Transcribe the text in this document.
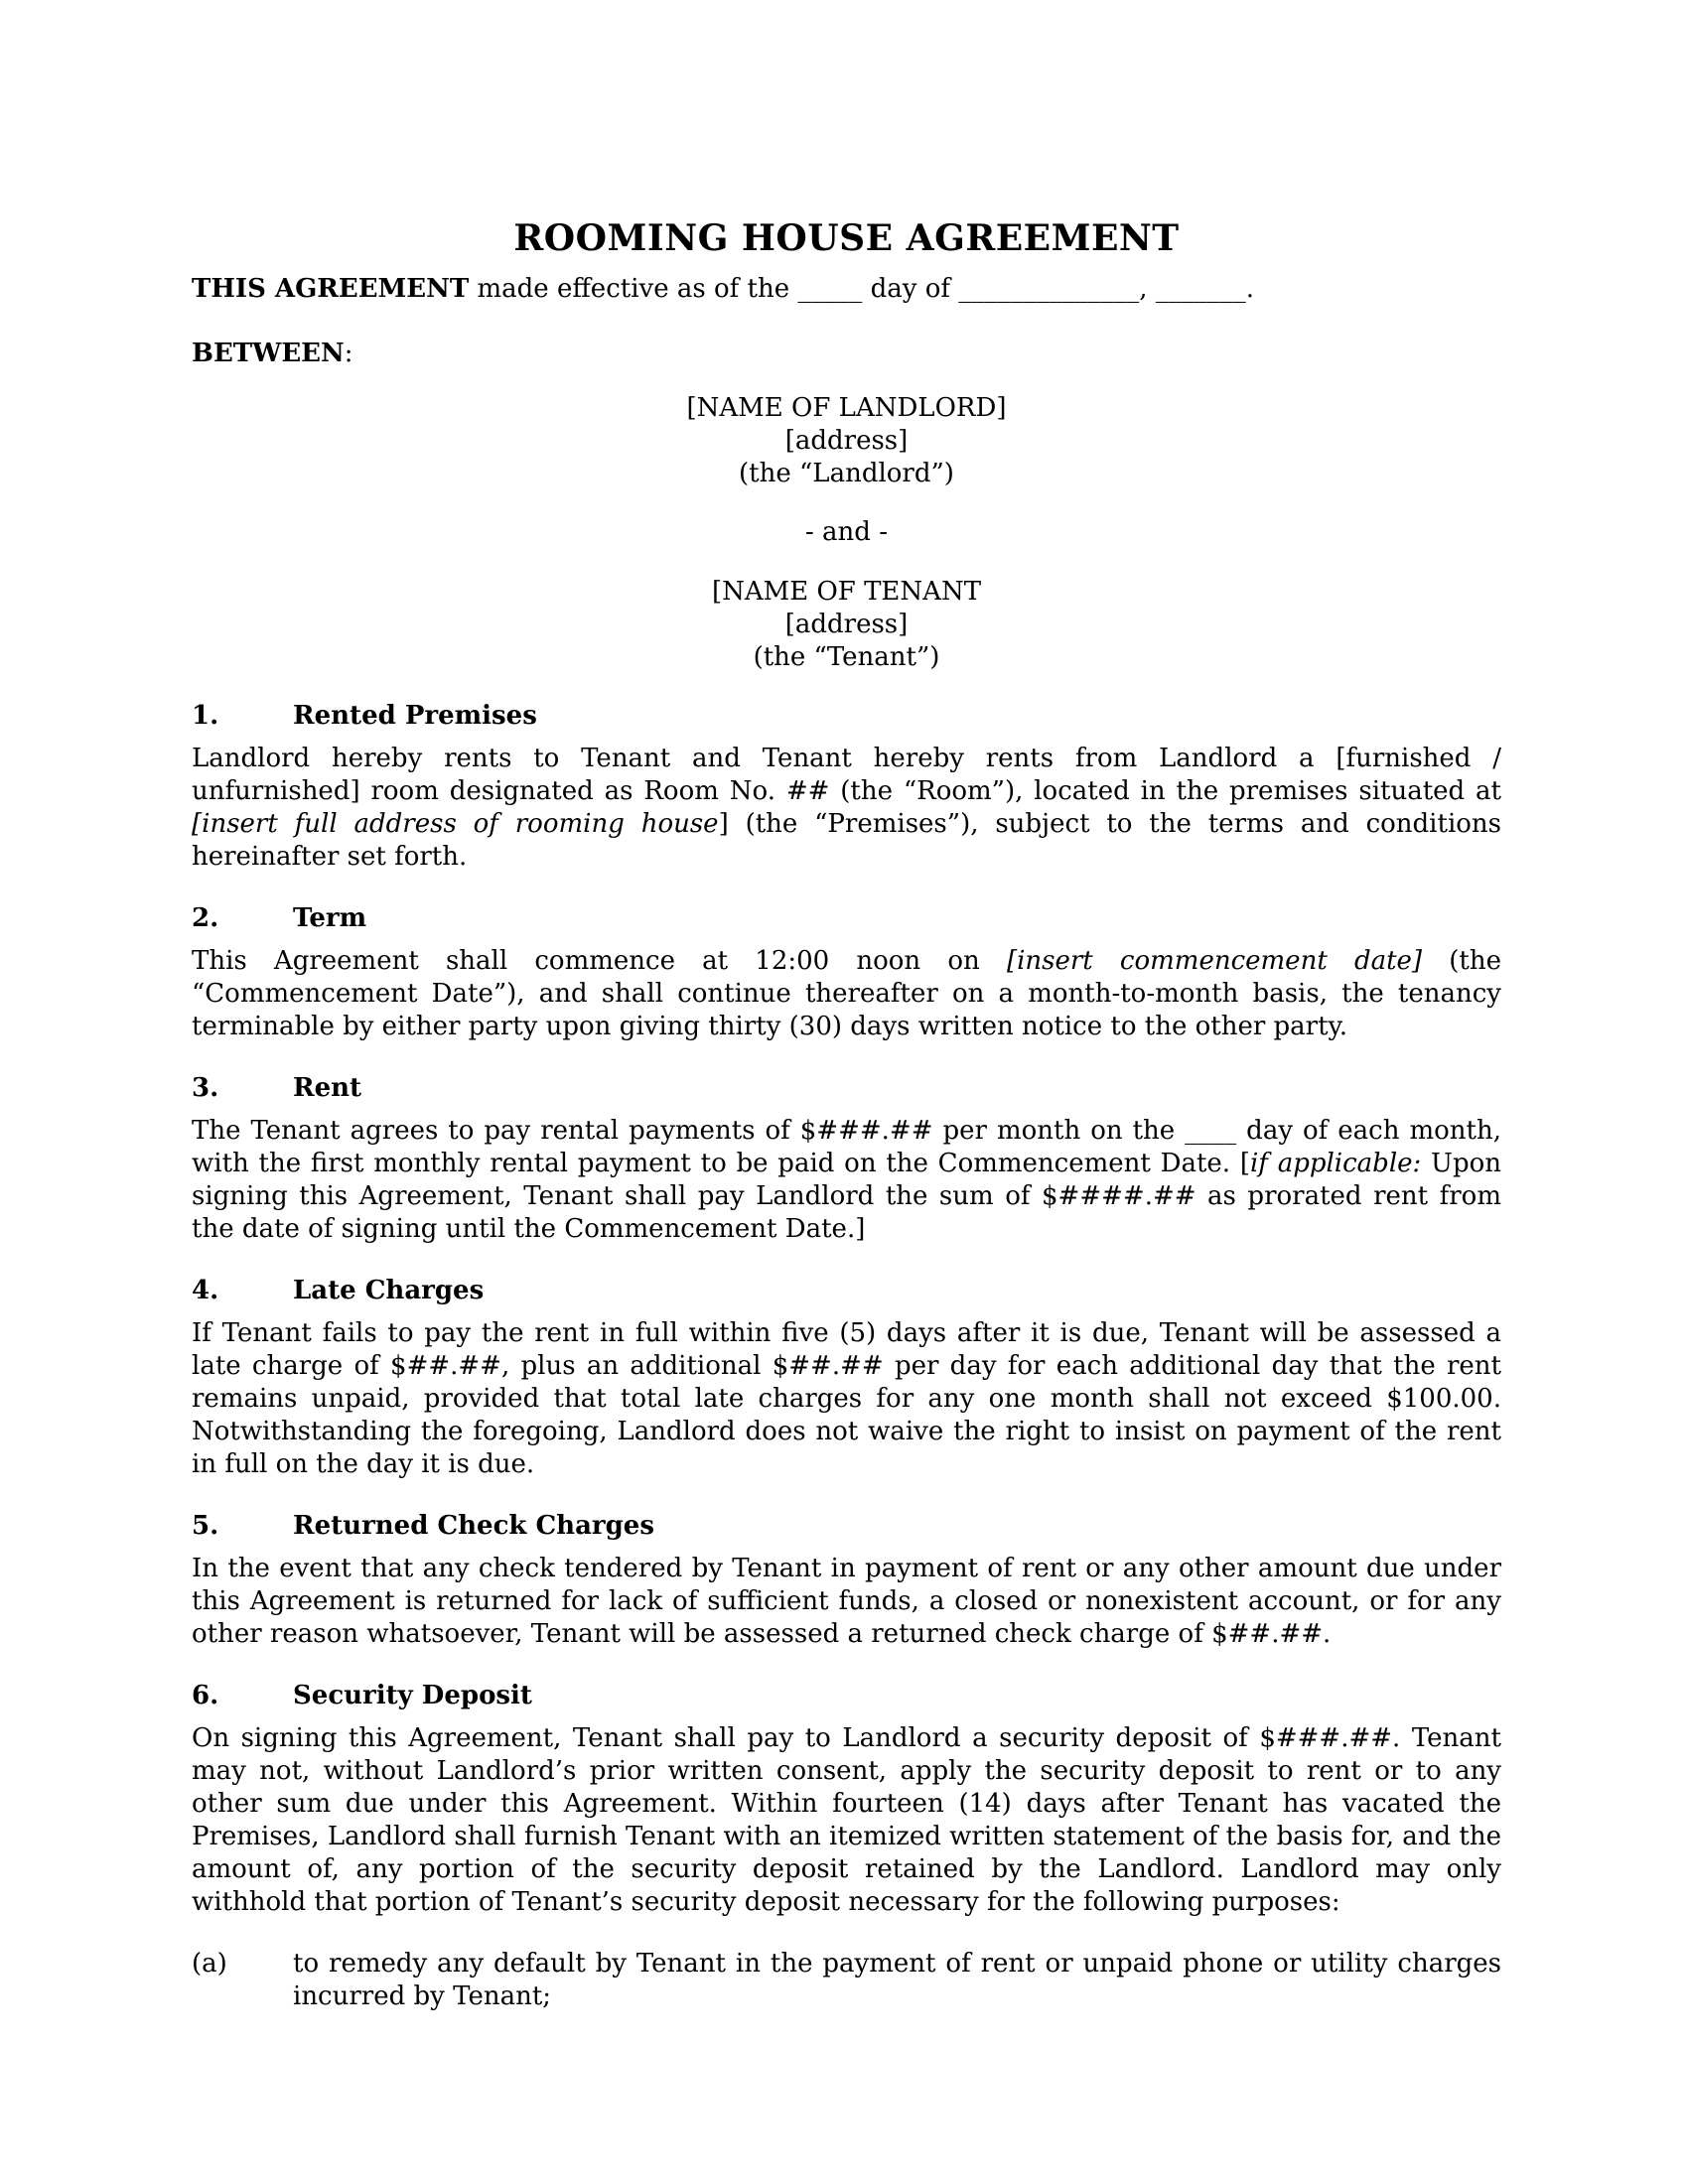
ROOMING HOUSE AGREEMENT

THIS AGREEMENT made effective as of the _____ day of ______________, _______.

BETWEEN:

[NAME OF LANDLORD]
[address]
(the “Landlord”)
- and -
[NAME OF TENANT
[address]
(the “Tenant”)
1.	Rented Premises

Landlord hereby rents to Tenant and Tenant hereby rents from Landlord a [furnished / unfurnished] room designated as Room No. ## (the “Room”), located in the premises situated at [insert full address of rooming house] (the “Premises”), subject to the terms and conditions hereinafter set forth.

2.	Term

This Agreement shall commence at 12:00 noon on [insert commencement date] (the “Commencement Date”), and shall continue thereafter on a month-to-month basis, the tenancy terminable by either party upon giving thirty (30) days written notice to the other party.

3.	Rent

The Tenant agrees to pay rental payments of $###.## per month on the ____ day of each month, with the first monthly rental payment to be paid on the Commencement Date. [if applicable: Upon signing this Agreement, Tenant shall pay Landlord the sum of $####.## as prorated rent from the date of signing until the Commencement Date.]

4.	Late Charges

If Tenant fails to pay the rent in full within five (5) days after it is due, Tenant will be assessed a late charge of $##.##, plus an additional $##.## per day for each additional day that the rent remains unpaid, provided that total late charges for any one month shall not exceed $100.00. Notwithstanding the foregoing, Landlord does not waive the right to insist on payment of the rent in full on the day it is due.

5.	Returned Check Charges

In the event that any check tendered by Tenant in payment of rent or any other amount due under this Agreement is returned for lack of sufficient funds, a closed or nonexistent account, or for any other reason whatsoever, Tenant will be assessed a returned check charge of $##.##.

6.	Security Deposit

On signing this Agreement, Tenant shall pay to Landlord a security deposit of $###.##. Tenant may not, without Landlord’s prior written consent, apply the security deposit to rent or to any other sum due under this Agreement. Within fourteen (14) days after Tenant has vacated the Premises, Landlord shall furnish Tenant with an itemized written statement of the basis for, and the amount of, any portion of the security deposit retained by the Landlord. Landlord may only withhold that portion of Tenant’s security deposit necessary for the following purposes:

(a)	to remedy any default by Tenant in the payment of rent or unpaid phone or utility charges incurred by Tenant;
